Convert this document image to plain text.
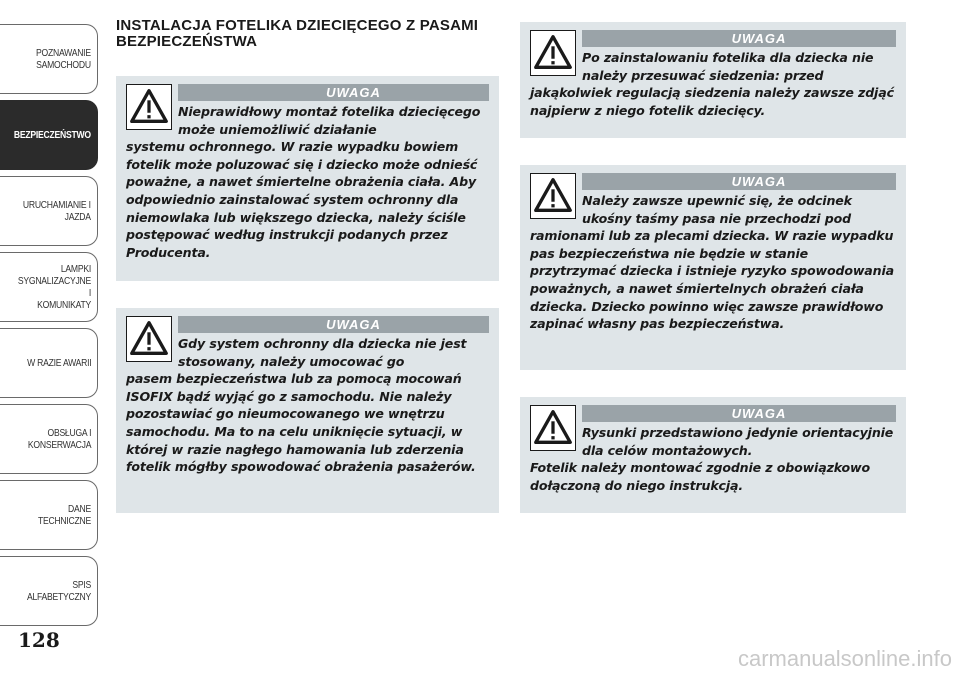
POZNAWANIE
SAMOCHODU
BEZPIECZEŃSTWO
URUCHAMIANIE I
JAZDA
LAMPKI
SYGNALIZACYJNE I
KOMUNIKATY
W RAZIE AWARII
OBSŁUGA I
KONSERWACJA
DANE TECHNICZNE
SPIS ALFABETYCZNY
128
INSTALACJA FOTELIKA DZIECIĘCEGO Z PASAMI BEZPIECZEŃSTWA
UWAGA
Nieprawidłowy montaż fotelika dziecięcego może uniemożliwić działanie
systemu ochronnego. W razie wypadku bowiem fotelik może poluzować się i dziecko może odnieść poważne, a nawet śmiertelne obrażenia ciała. Aby odpowiednio zainstalować system ochronny dla niemowlaka lub większego dziecka, należy ściśle postępować według instrukcji podanych przez Producenta.
UWAGA
Gdy system ochronny dla dziecka nie jest stosowany, należy umocować go
pasem bezpieczeństwa lub za pomocą mocowań ISOFIX bądź wyjąć go z samochodu. Nie należy pozostawiać go nieumocowanego we wnętrzu samochodu. Ma to na celu uniknięcie sytuacji, w której w razie nagłego hamowania lub zderzenia fotelik mógłby spowodować obrażenia pasażerów.
UWAGA
Po zainstalowaniu fotelika dla dziecka nie należy przesuwać siedzenia: przed
jakąkolwiek regulacją siedzenia należy zawsze zdjąć najpierw z niego fotelik dziecięcy.
UWAGA
Należy zawsze upewnić się, że odcinek ukośny taśmy pasa nie przechodzi pod
ramionami lub za plecami dziecka. W razie wypadku pas bezpieczeństwa nie będzie w stanie przytrzymać dziecka i istnieje ryzyko spowodowania poważnych, a nawet śmiertelnych obrażeń ciała dziecka. Dziecko powinno więc zawsze prawidłowo zapinać własny pas bezpieczeństwa.
UWAGA
Rysunki przedstawiono jedynie orientacyjnie dla celów montażowych.
Fotelik należy montować zgodnie z obowiązkowo dołączoną do niego instrukcją.
carmanualsonline.info
